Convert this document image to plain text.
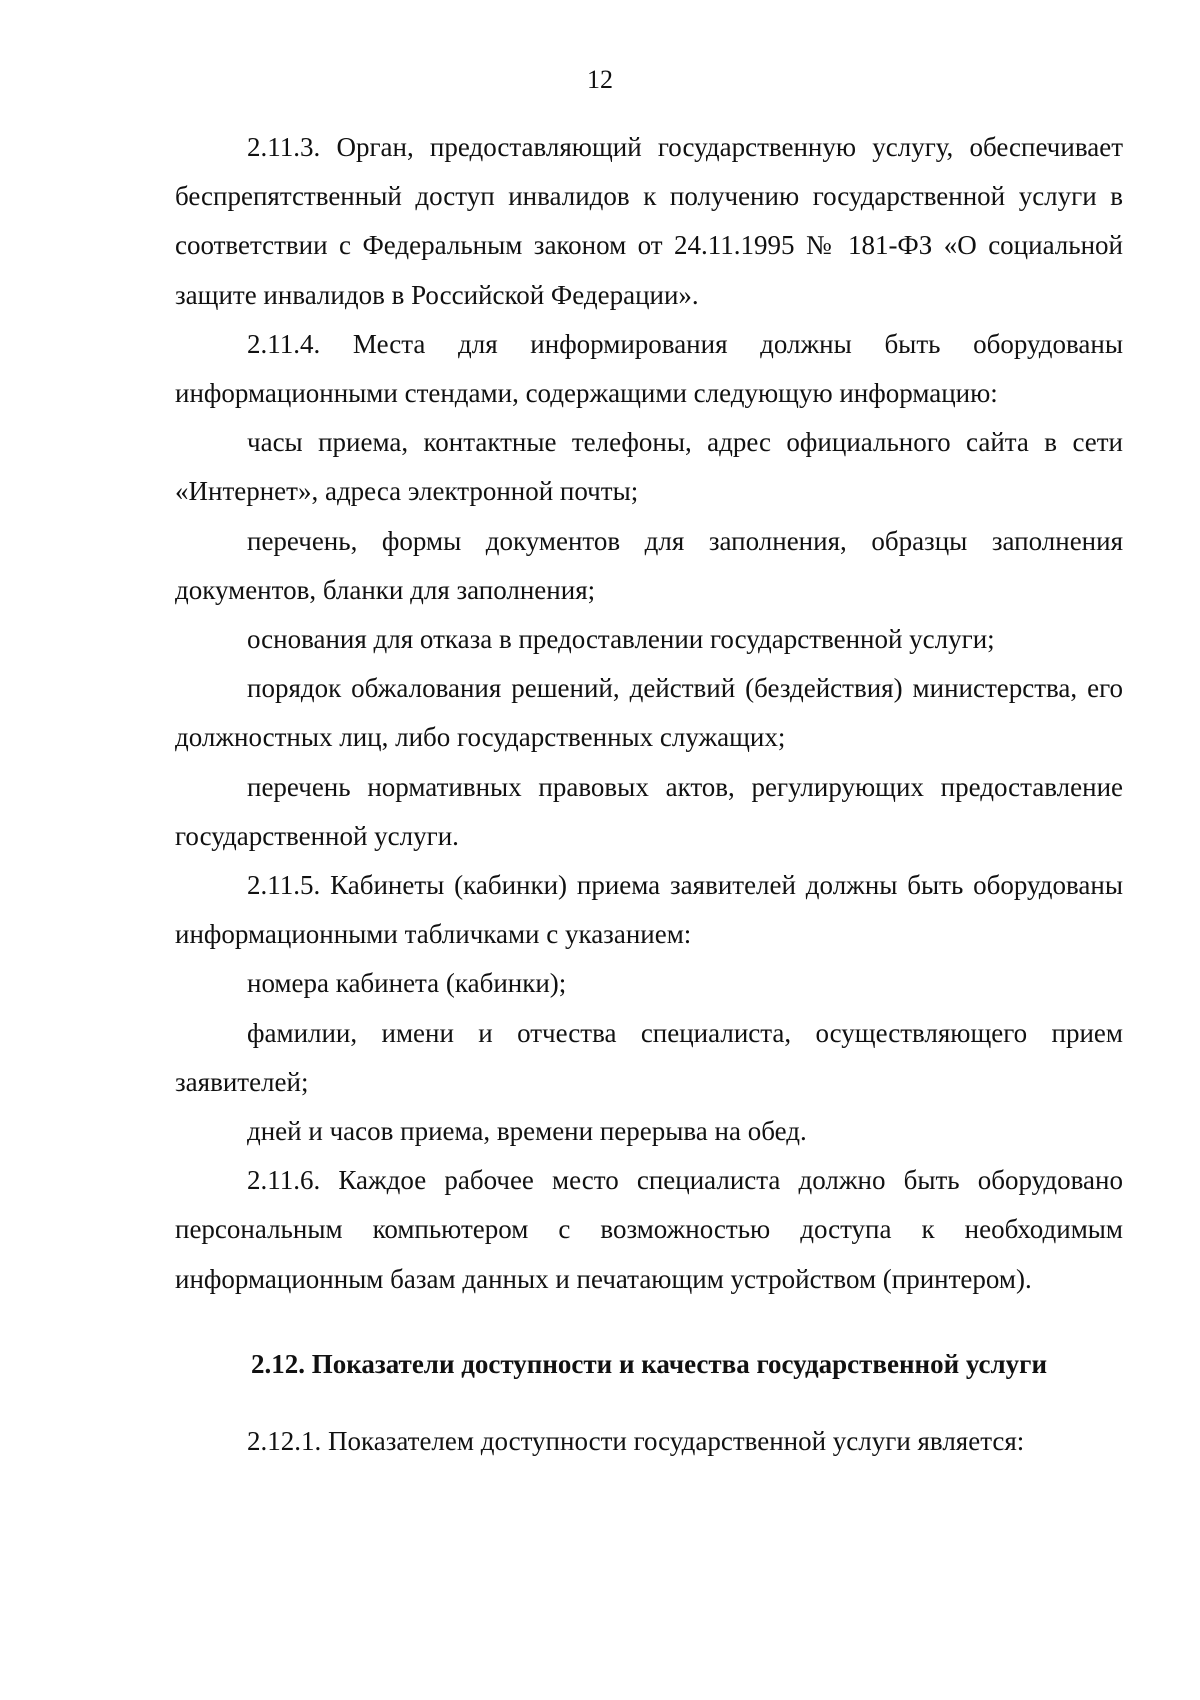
12

2.11.3. Орган, предоставляющий государственную услугу, обеспечивает беспрепятственный доступ инвалидов к получению государственной услуги в соответствии с Федеральным законом от 24.11.1995 № 181-ФЗ «О социальной защите инвалидов в Российской Федерации».

2.11.4. Места для информирования должны быть оборудованы информационными стендами, содержащими следующую информацию:

часы приема, контактные телефоны, адрес официального сайта в сети «Интернет», адреса электронной почты;

перечень, формы документов для заполнения, образцы заполнения документов, бланки для заполнения;

основания для отказа в предоставлении государственной услуги;

порядок обжалования решений, действий (бездействия) министерства, его должностных лиц, либо государственных служащих;

перечень нормативных правовых актов, регулирующих предоставление государственной услуги.

2.11.5. Кабинеты (кабинки) приема заявителей должны быть оборудованы информационными табличками с указанием:

номера кабинета (кабинки);

фамилии, имени и отчества специалиста, осуществляющего прием заявителей;

дней и часов приема, времени перерыва на обед.

2.11.6. Каждое рабочее место специалиста должно быть оборудовано персональным компьютером с возможностью доступа к необходимым информационным базам данных и печатающим устройством (принтером).

2.12. Показатели доступности и качества государственной услуги

2.12.1. Показателем доступности государственной услуги является:
